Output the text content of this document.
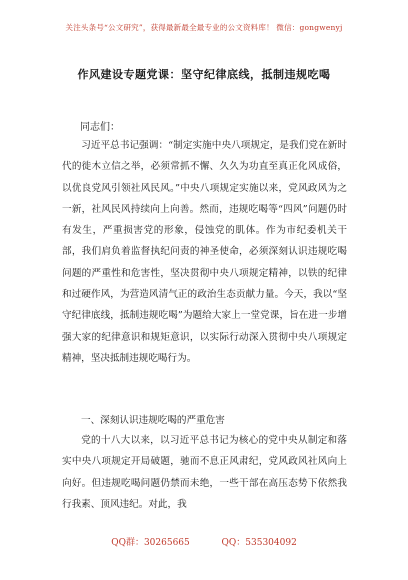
关注头条号“公文研究”，获得最新最全最专业的公文资料库！ 微信：gongwenyj
作风建设专题党课：坚守纪律底线，抵制违规吃喝
同志们：

习近平总书记强调：“制定实施中央八项规定，是我们党在新时代的徙木立信之举，必须常抓不懈、久久为功直至真正化风成俗，以优良党风引领社风民风。”中央八项规定实施以来，党风政风为之一新，社风民风持续向上向善。然而，违规吃喝等“四风”问题仍时有发生，严重损害党的形象，侵蚀党的肌体。作为市纪委机关干部，我们肩负着监督执纪问责的神圣使命，必须深刻认识违规吃喝问题的严重性和危害性，坚决贯彻中央八项规定精神，以铁的纪律和过硬作风，为营造风清气正的政治生态贡献力量。今天，我以“坚守纪律底线，抵制违规吃喝”为题给大家上一堂党课，旨在进一步增强大家的纪律意识和规矩意识，以实际行动深入贯彻中央八项规定精神，坚决抵制违规吃喝行为。

一、深刻认识违规吃喝的严重危害

党的十八大以来，以习近平总书记为核心的党中央从制定和落实中央八项规定开局破题，驰而不息正风肃纪，党风政风社风向上向好。但违规吃喝问题仍禁而未绝，一些干部在高压态势下依然我行我素、顶风违纪。对此，我

QQ群：30265665	QQ：535304092
